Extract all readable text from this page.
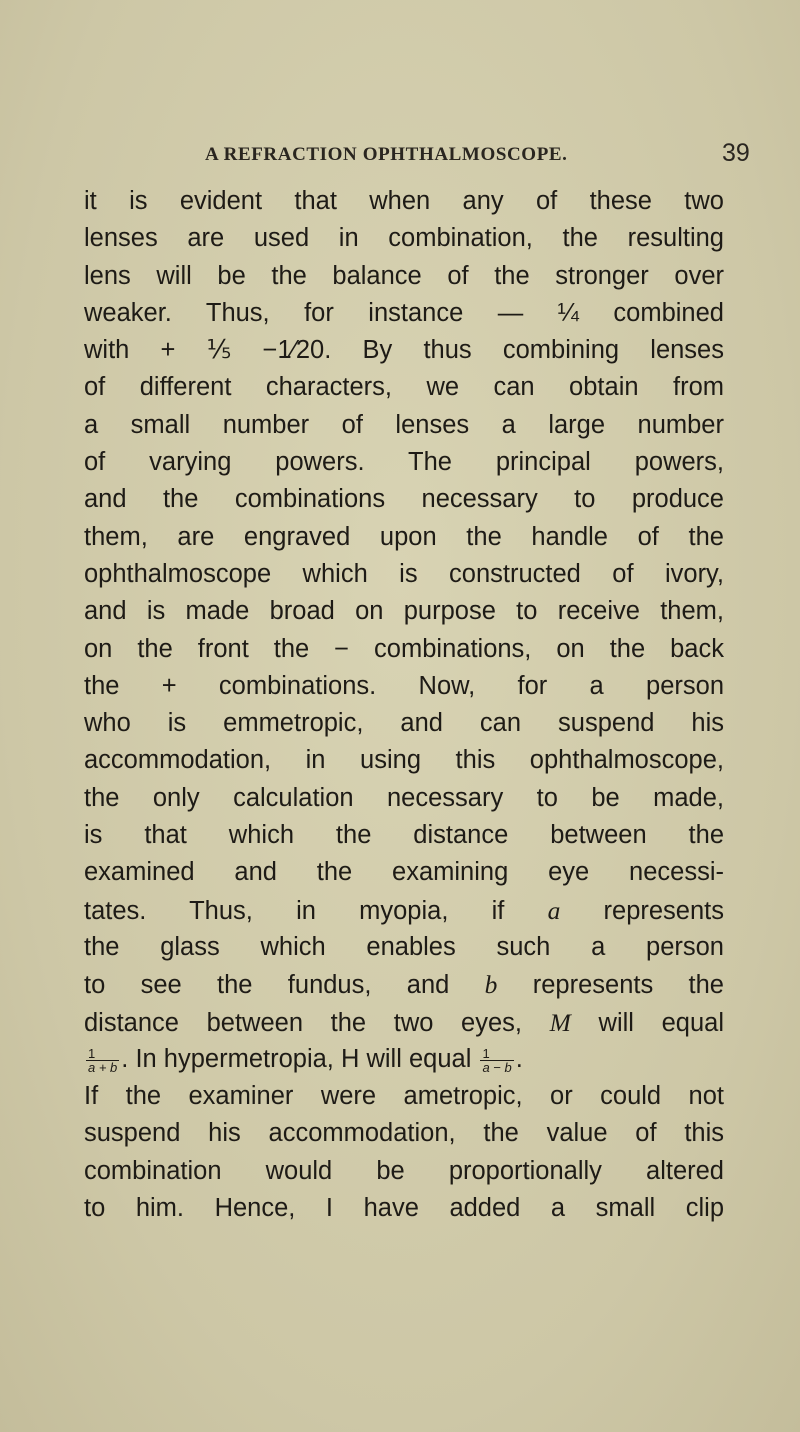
A REFRACTION OPHTHALMOSCOPE.	39
it is evident that when any of these two
lenses are used in combination, the resulting
lens will be the balance of the stronger over
weaker. Thus, for instance — ¼ combined
with + ⅕ −1⁄20. By thus combining lenses
of different characters, we can obtain from
a small number of lenses a large number
of varying powers. The principal powers,
and the combinations necessary to produce
them, are engraved upon the handle of the
ophthalmoscope which is constructed of ivory,
and is made broad on purpose to receive them,
on the front the − combinations, on the back
the + combinations. Now, for a person
who is emmetropic, and can suspend his
accommodation, in using this ophthalmoscope,
the only calculation necessary to be made,
is that which the distance between the
examined and the examining eye necessi-
tates. Thus, in myopia, if a represents
the glass which enables such a person
to see the fundus, and b represents the
distance between the two eyes, M will equal
$\frac{1}{a + b}$ . In hypermetropia, H will equal $\frac{1}{a - b}$ .
If the examiner were ametropic, or could not
suspend his accommodation, the value of this
combination would be proportionally altered
to him. Hence, I have added a small clip
